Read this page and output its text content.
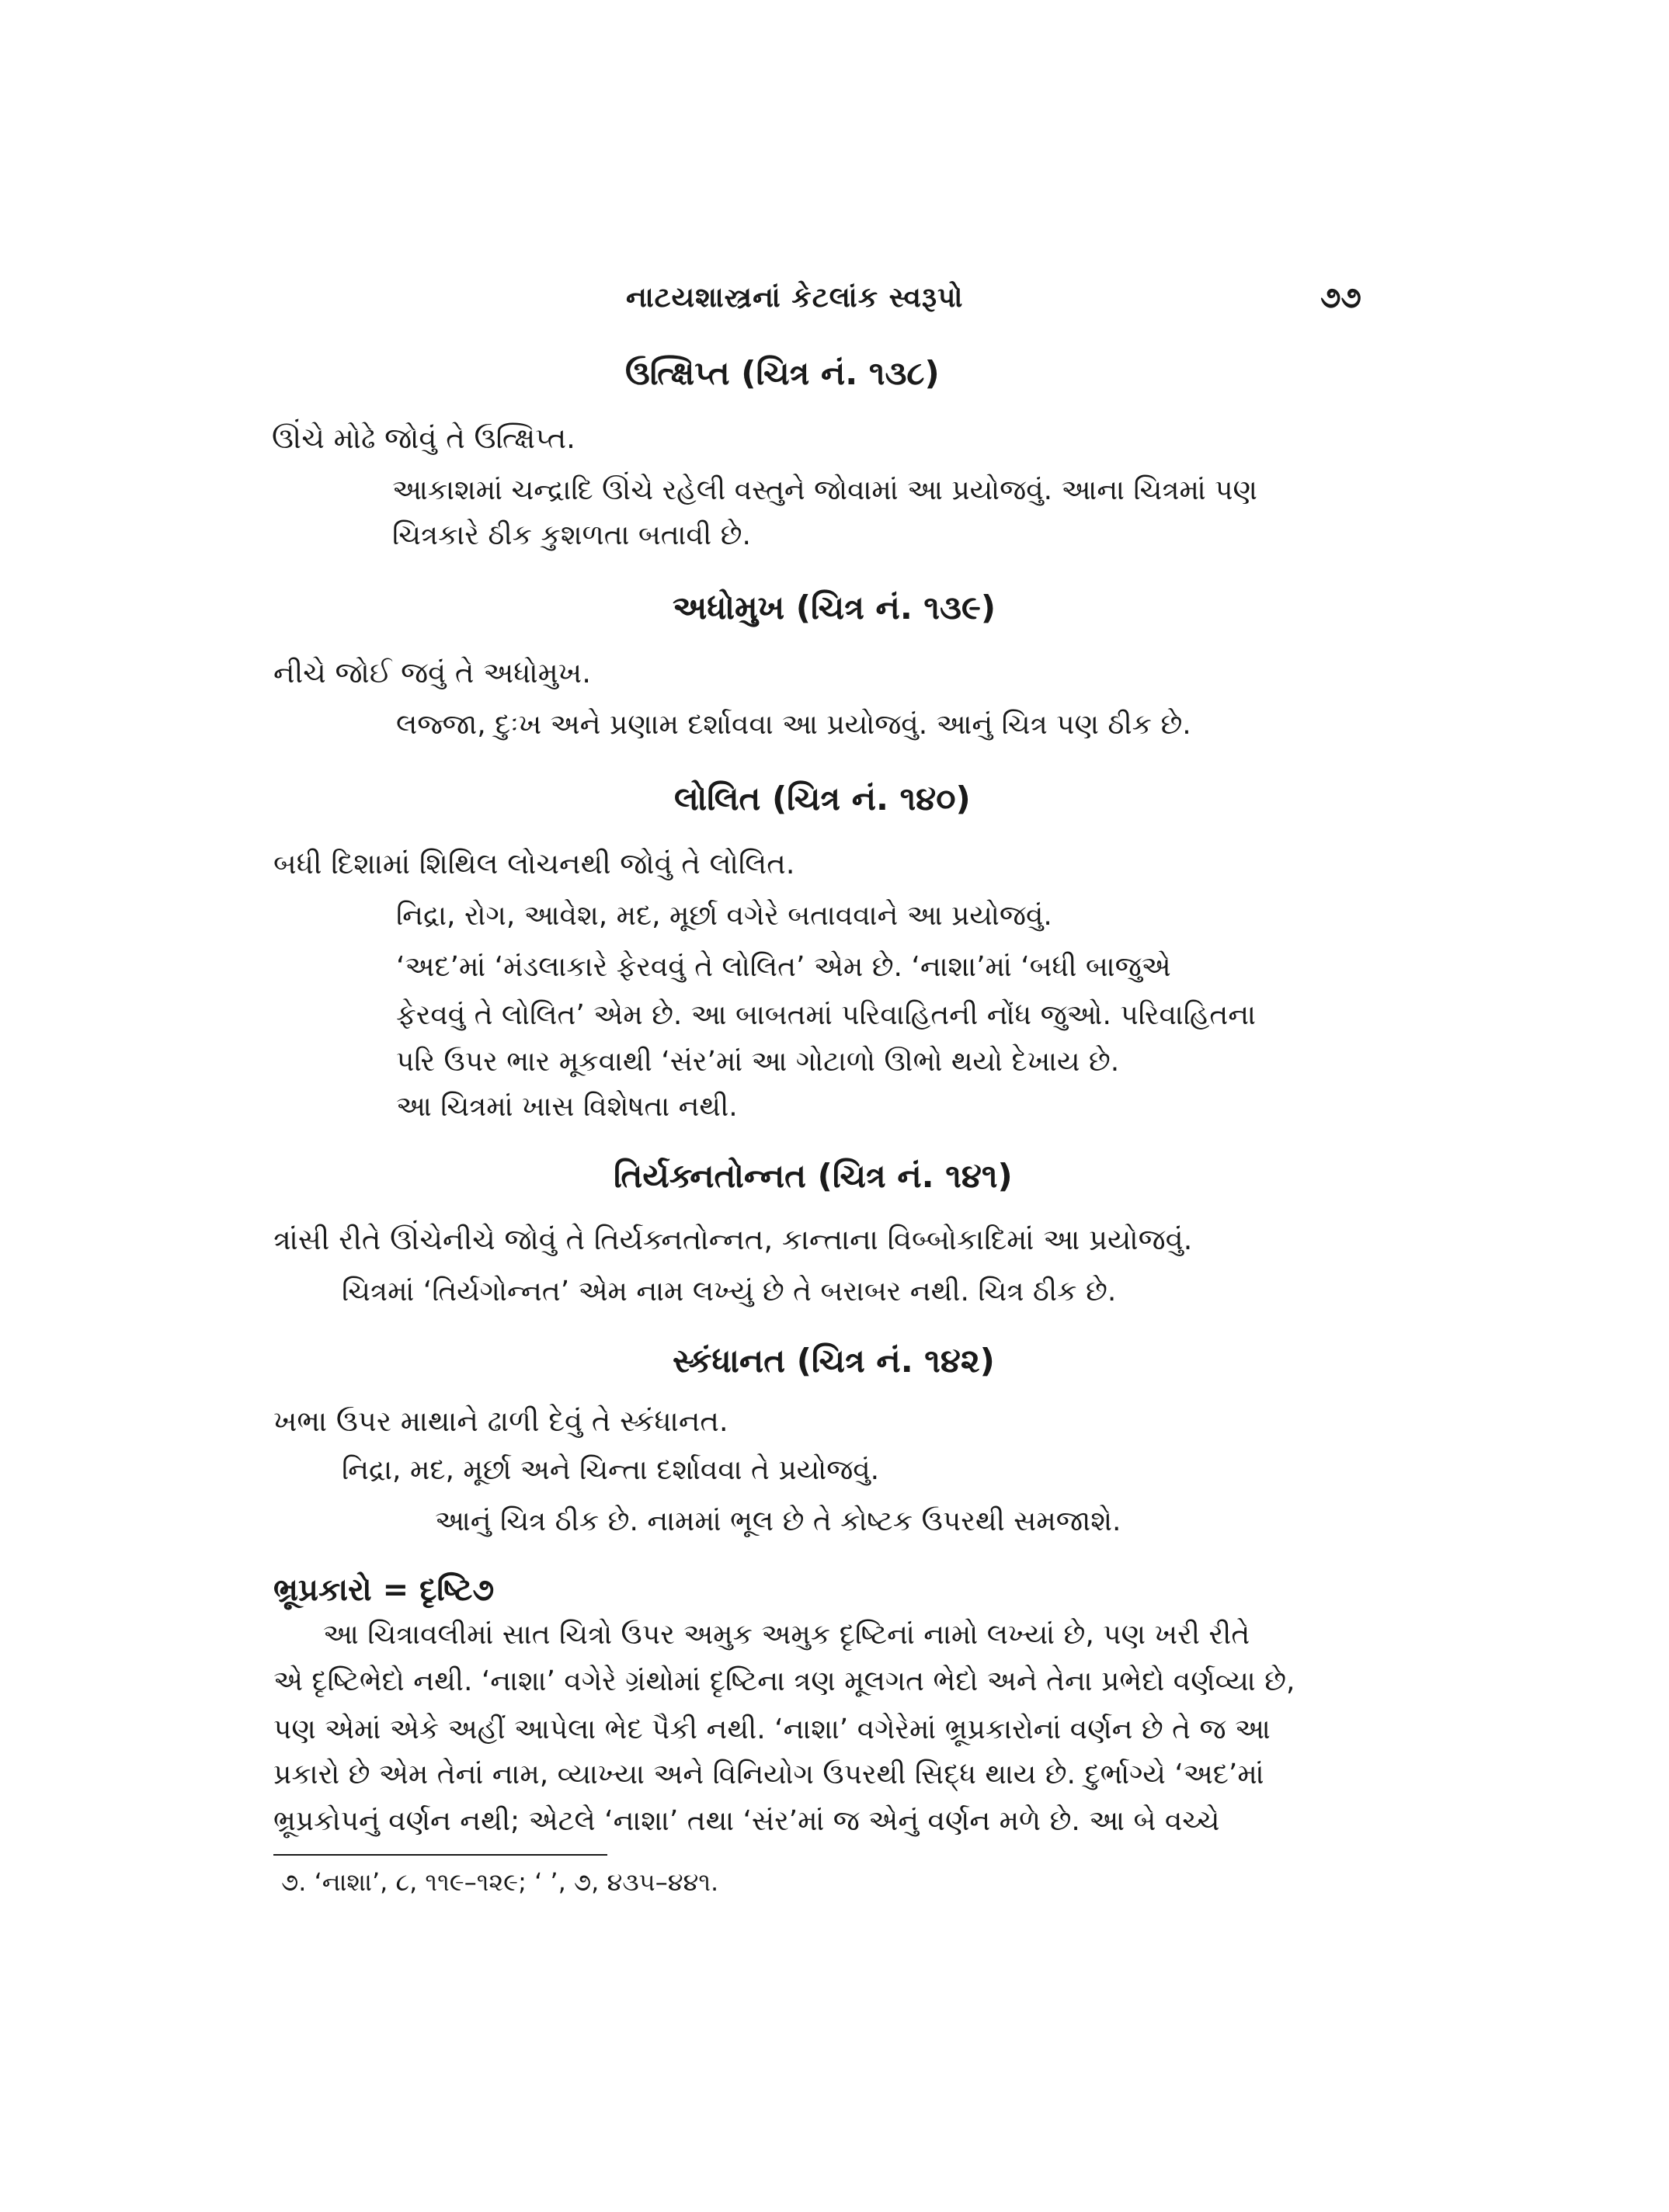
નાટયશાસ્ત્રનાં કેટલાંક સ્વરૂપો	૭૭
ઉત્ક્ષિપ્ત (ચિત્ર નં. ૧૩૮)
ઊંચે મોઢે જોવું તે ઉત્ક્ષિપ્ત.
આકાશમાં ચન્દ્રાદિ ઊંચે રહેલી વસ્તુને જોવામાં આ પ્રયોજવું. આના ચિત્રમાં પણ
ચિત્રકારે ઠીક કુશળતા બતાવી છે.
અધોમુખ (ચિત્ર નં. ૧૩૯)
નીચે જોઈ જવું તે અધોમુખ.
લજ્જા, દુઃખ અને પ્રણામ દર્શાવવા આ પ્રયોજવું. આનું ચિત્ર પણ ઠીક છે.
લોલિત (ચિત્ર નં. ૧૪૦)
બધી દિશામાં શિથિલ લોચનથી જોવું તે લોલિત.
નિદ્રા, રોગ, આવેશ, મદ, મૂર્છા વગેરે બતાવવાને આ પ્રયોજવું.
‘અદ’માં ‘મંડલાકારે ફેરવવું તે લોલિત’ એમ છે. ‘નાશા’માં ‘બધી બાજુએ
ફેરવવું તે લોલિત’ એમ છે. આ બાબતમાં પરિવાહિતની નોંધ જુઓ. પરિવાહિતના
પરિ ઉપર ભાર મૂકવાથી ‘સંર’માં આ ગોટાળો ઊભો થયો દેખાય છે.
આ ચિત્રમાં ખાસ વિશેષતા નથી.
તિર્યક્નતોન્નત (ચિત્ર નં. ૧૪૧)
ત્રાંસી રીતે ઊંચેનીચે જોવું તે તિર્યક્નતોન્નત, કાન્તાના વિબ્બોકાદિમાં આ પ્રયોજવું.
ચિત્રમાં ‘તિર્યગોન્નત’ એમ નામ લખ્યું છે તે બરાબર નથી. ચિત્ર ઠીક છે.
સ્કંધાનત (ચિત્ર નં. ૧૪૨)
ખભા ઉપર માથાને ઢાળી દેવું તે સ્કંધાનત.
નિદ્રા, મદ, મૂર્છા અને ચિન્તા દર્શાવવા તે પ્રયોજવું.
આનું ચિત્ર ઠીક છે. નામમાં ભૂલ છે તે કોષ્ટક ઉપરથી સમજાશે.
ભ્રૂપ્રકારો = દૃષ્ટિ૭
આ ચિત્રાવલીમાં સાત ચિત્રો ઉપર અમુક અમુક દૃષ્ટિનાં નામો લખ્યાં છે, પણ ખરી રીતે
એ દૃષ્ટિભેદો નથી. ‘નાશા’ વગેરે ગ્રંથોમાં દૃષ્ટિના ત્રણ મૂલગત ભેદો અને તેના પ્રભેદો વર્ણવ્યા છે,
પણ એમાં એકે અહીં આપેલા ભેદ પૈકી નથી. ‘નાશા’ વગેરેમાં ભ્રૂપ્રકારોનાં વર્ણન છે તે જ આ
પ્રકારો છે એમ તેનાં નામ, વ્યાખ્યા અને વિનિયોગ ઉપરથી સિદ્ધ થાય છે. દુર્ભાગ્યે ‘અદ’માં
ભ્રૂપ્રકોપનું વર્ણન નથી; એટલે ‘નાશા’ તથા ‘સંર’માં જ એનું વર્ણન મળે છે. આ બે વચ્ચે
૭. ‘નાશા’, ૮, ૧૧૯–૧૨૯; ‘ ’, ૭, ૪૩૫–૪૪૧.
